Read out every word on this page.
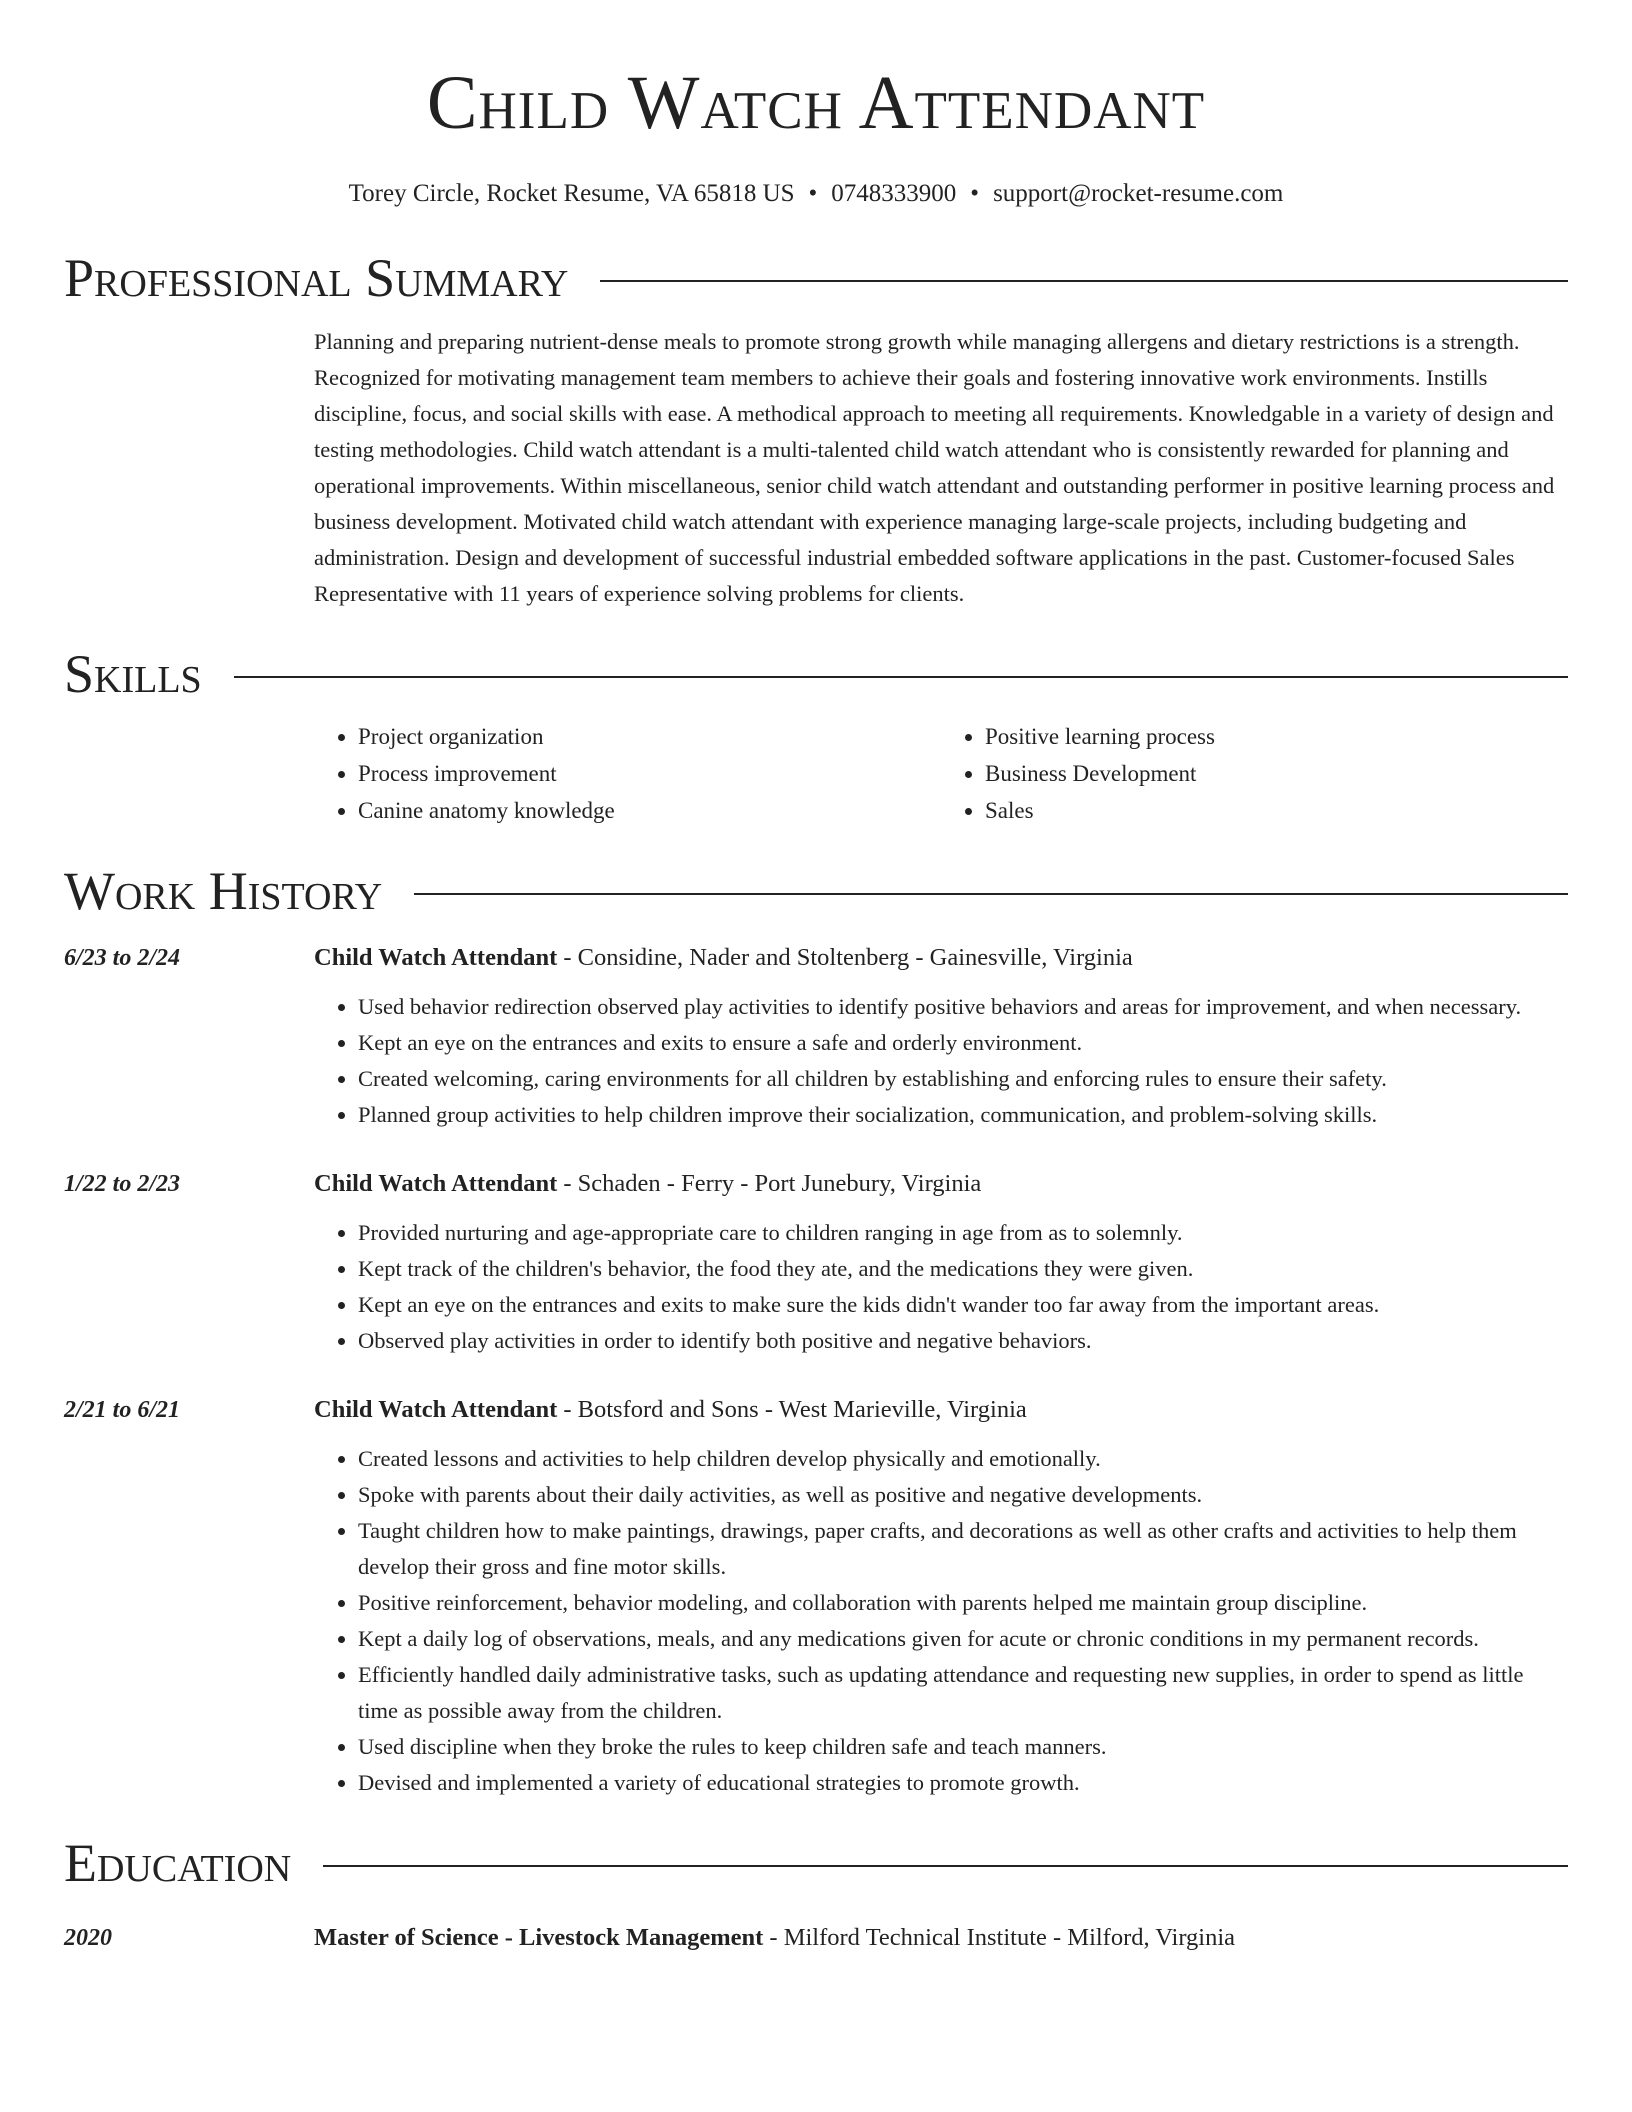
Child Watch Attendant
Torey Circle, Rocket Resume, VA 65818 US • 0748333900 • support@rocket-resume.com
Professional Summary
Planning and preparing nutrient-dense meals to promote strong growth while managing allergens and dietary restrictions is a strength. Recognized for motivating management team members to achieve their goals and fostering innovative work environments. Instills discipline, focus, and social skills with ease. A methodical approach to meeting all requirements. Knowledgable in a variety of design and testing methodologies. Child watch attendant is a multi-talented child watch attendant who is consistently rewarded for planning and operational improvements. Within miscellaneous, senior child watch attendant and outstanding performer in positive learning process and business development. Motivated child watch attendant with experience managing large-scale projects, including budgeting and administration. Design and development of successful industrial embedded software applications in the past. Customer-focused Sales Representative with 11 years of experience solving problems for clients.
Skills
• Project organization
• Process improvement
• Canine anatomy knowledge
• Positive learning process
• Business Development
• Sales
Work History
6/23 to 2/24	Child Watch Attendant - Considine, Nader and Stoltenberg - Gainesville, Virginia
• Used behavior redirection observed play activities to identify positive behaviors and areas for improvement, and when necessary.
• Kept an eye on the entrances and exits to ensure a safe and orderly environment.
• Created welcoming, caring environments for all children by establishing and enforcing rules to ensure their safety.
• Planned group activities to help children improve their socialization, communication, and problem-solving skills.
1/22 to 2/23	Child Watch Attendant - Schaden - Ferry - Port Junebury, Virginia
• Provided nurturing and age-appropriate care to children ranging in age from as to solemnly.
• Kept track of the children's behavior, the food they ate, and the medications they were given.
• Kept an eye on the entrances and exits to make sure the kids didn't wander too far away from the important areas.
• Observed play activities in order to identify both positive and negative behaviors.
2/21 to 6/21	Child Watch Attendant - Botsford and Sons - West Marieville, Virginia
• Created lessons and activities to help children develop physically and emotionally.
• Spoke with parents about their daily activities, as well as positive and negative developments.
• Taught children how to make paintings, drawings, paper crafts, and decorations as well as other crafts and activities to help them develop their gross and fine motor skills.
• Positive reinforcement, behavior modeling, and collaboration with parents helped me maintain group discipline.
• Kept a daily log of observations, meals, and any medications given for acute or chronic conditions in my permanent records.
• Efficiently handled daily administrative tasks, such as updating attendance and requesting new supplies, in order to spend as little time as possible away from the children.
• Used discipline when they broke the rules to keep children safe and teach manners.
• Devised and implemented a variety of educational strategies to promote growth.
Education
2020	Master of Science - Livestock Management - Milford Technical Institute - Milford, Virginia
